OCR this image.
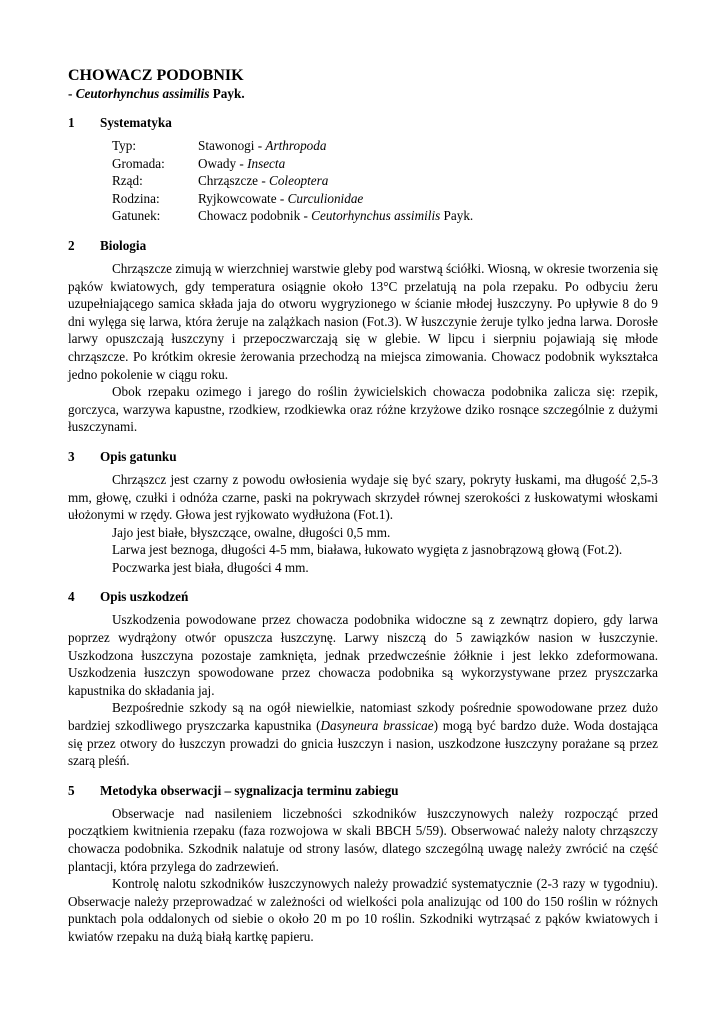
CHOWACZ PODOBNIK
- Ceutorhynchus assimilis Payk.
1	Systematyka
Typ:	Stawonogi - Arthropoda
Gromada:	Owady - Insecta
Rząd:	Chrząszcze - Coleoptera
Rodzina:	Ryjkowcowate - Curculionidae
Gatunek:	Chowacz podobnik - Ceutorhynchus assimilis Payk.
2	Biologia

Chrząszcze zimują w wierzchniej warstwie gleby pod warstwą ściółki. Wiosną, w okresie tworzenia się pąków kwiatowych, gdy temperatura osiągnie około 13°C przelatują na pola rzepaku. Po odbyciu żeru uzupełniającego samica składa jaja do otworu wygryzionego w ścianie młodej łuszczyny. Po upływie 8 do 9 dni wylęga się larwa, która żeruje na zalążkach nasion (Fot.3). W łuszczynie żeruje tylko jedna larwa. Dorosłe larwy opuszczają łuszczyny i przepoczwarczają się w glebie. W lipcu i sierpniu pojawiają się młode chrząszcze. Po krótkim okresie żerowania przechodzą na miejsca zimowania. Chowacz podobnik wykształca jedno pokolenie w ciągu roku.

Obok rzepaku ozimego i jarego do roślin żywicielskich chowacza podobnika zalicza się: rzepik, gorczyca, warzywa kapustne, rzodkiew, rzodkiewka oraz różne krzyżowe dziko rosnące szczególnie z dużymi łuszczynami.

3	Opis gatunku

Chrząszcz jest czarny z powodu owłosienia wydaje się być szary, pokryty łuskami, ma długość 2,5-3 mm, głowę, czułki i odnóża czarne, paski na pokrywach skrzydeł równej szerokości z łuskowatymi włoskami ułożonymi w rzędy. Głowa jest ryjkowato wydłużona (Fot.1).

Jajo jest białe, błyszczące, owalne, długości 0,5 mm.

Larwa jest beznoga, długości 4-5 mm, biaława, łukowato wygięta z jasnobrązową głową (Fot.2).

Poczwarka jest biała, długości 4 mm.

4	Opis uszkodzeń

Uszkodzenia powodowane przez chowacza podobnika widoczne są z zewnątrz dopiero, gdy larwa poprzez wydrążony otwór opuszcza łuszczynę. Larwy niszczą do 5 zawiązków nasion w łuszczynie. Uszkodzona łuszczyna pozostaje zamknięta, jednak przedwcześnie żółknie i jest lekko zdeformowana. Uszkodzenia łuszczyn spowodowane przez chowacza podobnika są wykorzystywane przez pryszczarka kapustnika do składania jaj.

Bezpośrednie szkody są na ogół niewielkie, natomiast szkody pośrednie spowodowane przez dużo bardziej szkodliwego pryszczarka kapustnika (Dasyneura brassicae) mogą być bardzo duże. Woda dostająca się przez otwory do łuszczyn prowadzi do gnicia łuszczyn i nasion, uszkodzone łuszczyny porażane są przez szarą pleśń.

5	Metodyka obserwacji – sygnalizacja terminu zabiegu

Obserwacje nad nasileniem liczebności szkodników łuszczynowych należy rozpocząć przed początkiem kwitnienia rzepaku (faza rozwojowa w skali BBCH 5/59). Obserwować należy naloty chrząszczy chowacza podobnika. Szkodnik nalatuje od strony lasów, dlatego szczególną uwagę należy zwrócić na część plantacji, która przylega do zadrzewień.

Kontrolę nalotu szkodników łuszczynowych należy prowadzić systematycznie (2-3 razy w tygodniu). Obserwacje należy przeprowadzać w zależności od wielkości pola analizując od 100 do 150 roślin w różnych punktach pola oddalonych od siebie o około 20 m po 10 roślin. Szkodniki wytrząsać z pąków kwiatowych i kwiatów rzepaku na dużą białą kartkę papieru.
